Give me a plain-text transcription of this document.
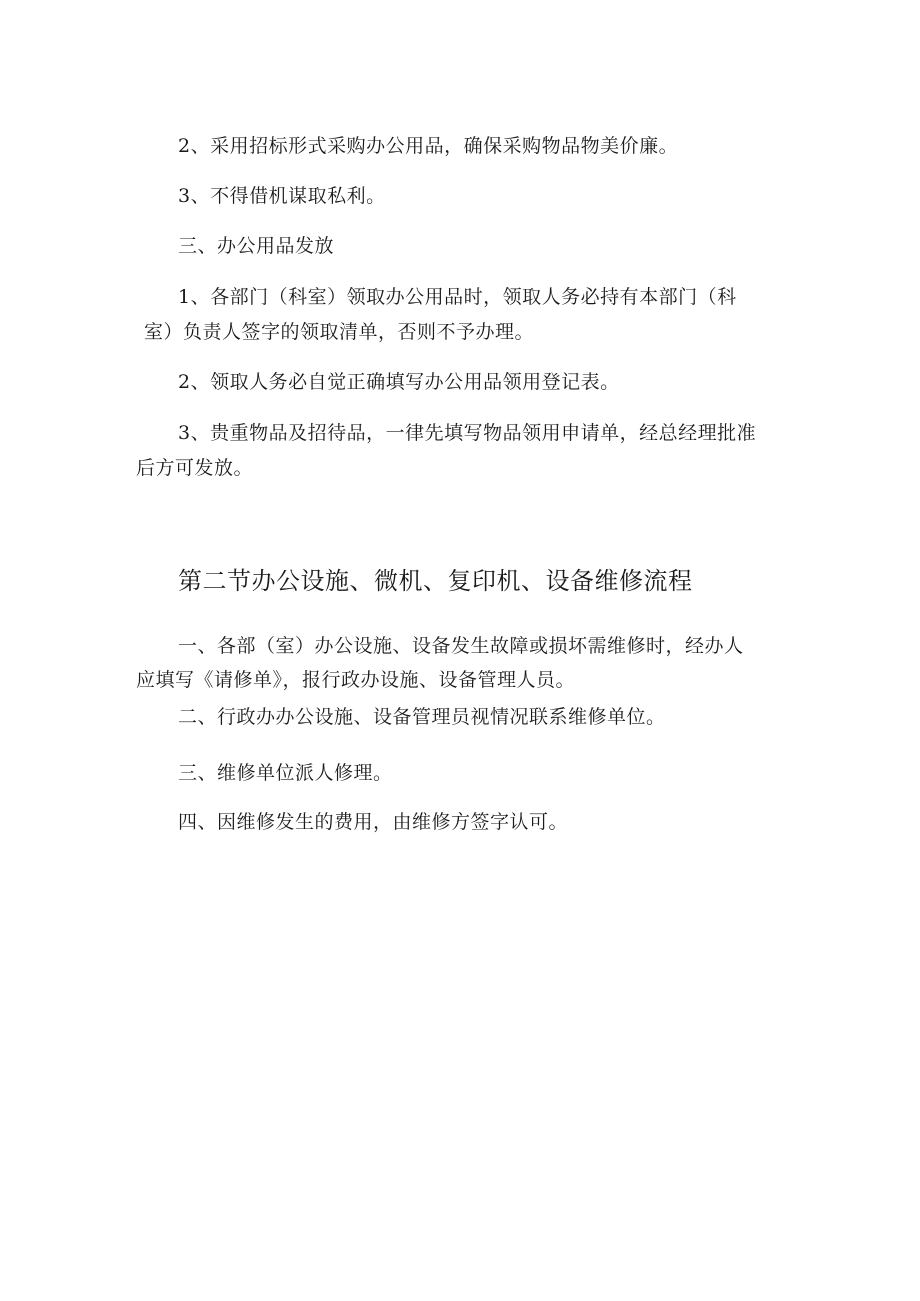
2、采用招标形式采购办公用品，确保采购物品物美价廉。

3、不得借机谋取私利。

三、办公用品发放

1、各部门（科室）领取办公用品时，领取人务必持有本部门（科

室）负责人签字的领取清单，否则不予办理。

2、领取人务必自觉正确填写办公用品领用登记表。

3、贵重物品及招待品，一律先填写物品领用申请单，经总经理批准

后方可发放。

第二节办公设施、微机、复印机、设备维修流程

一、各部（室）办公设施、设备发生故障或损坏需维修时，经办人

应填写《请修单》，报行政办设施、设备管理人员。

二、行政办办公设施、设备管理员视情况联系维修单位。

三、维修单位派人修理。

四、因维修发生的费用，由维修方签字认可。
